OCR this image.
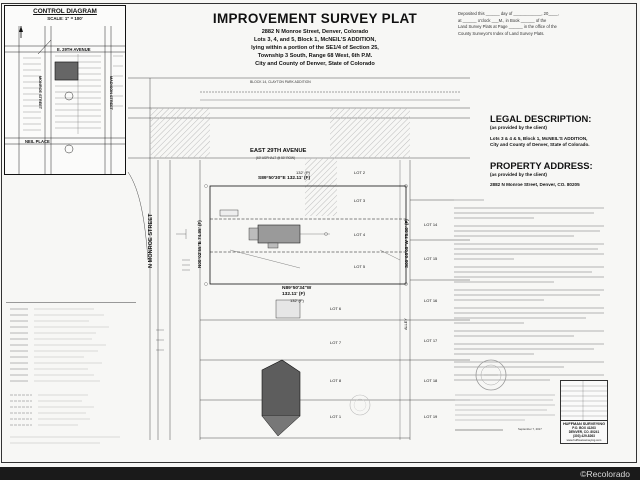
CONTROL DIAGRAM
SCALE: 1" = 100'
E. 29TH AVENUE
NEIL PLACE
MONROE STREET	MADISON STREET
IMPROVEMENT SURVEY PLAT
2882 N Monroe Street, Denver, Colorado
Lots 3, 4, and 5, Block 1, McNEIL'S ADDITION,
lying within a portion of the SE1/4 of Section 25,
Township 3 South, Range 68 West, 6th P.M.
City and County of Denver, State of Colorado
Deposited this ______ day of ____________, 20____,
at ______ o'clock ___M., in Book ______ of the
Land Survey Plats at Page ______ in the office of the
County Surveyor's Index of Land Survey Plats.
BLOCK 14, CLAYTON PARK ADDITION
EAST 29TH AVENUE
(60' ASPHALT @ 50' ROW)
N MONROE STREET
S89°50'30"E 132.11' (F)
132' (P)
N89°50'34"W
132.11' (F)
132' (P)
N00°02'55"E 74.95' (F)	S00°05'05"W 75.00' (F)
LOT 3
LOT 4
LOT 5
LOT 6
LOT 7
LOT 8
LOT 2
LOT 14
LOT 15
LOT 16
LOT 17
LOT 18
LOT 19
LOT 1
ALLEY
LEGAL DESCRIPTION:
(as provided by the client)
Lots 3 & 4 & 5, Block 1, McNEIL'S ADDITION,
City and County of Denver, State of Colorado.
PROPERTY ADDRESS:
(as provided by the client)
2882 N Monroe Street, Denver, CO. 80205
September 7, 2017
HUFFMAN SURVEYING
P.O. BOX 41263
DENVER, CO. 80241
(303) 429-8263
www.huffmansurveying.com
©Recolorado
